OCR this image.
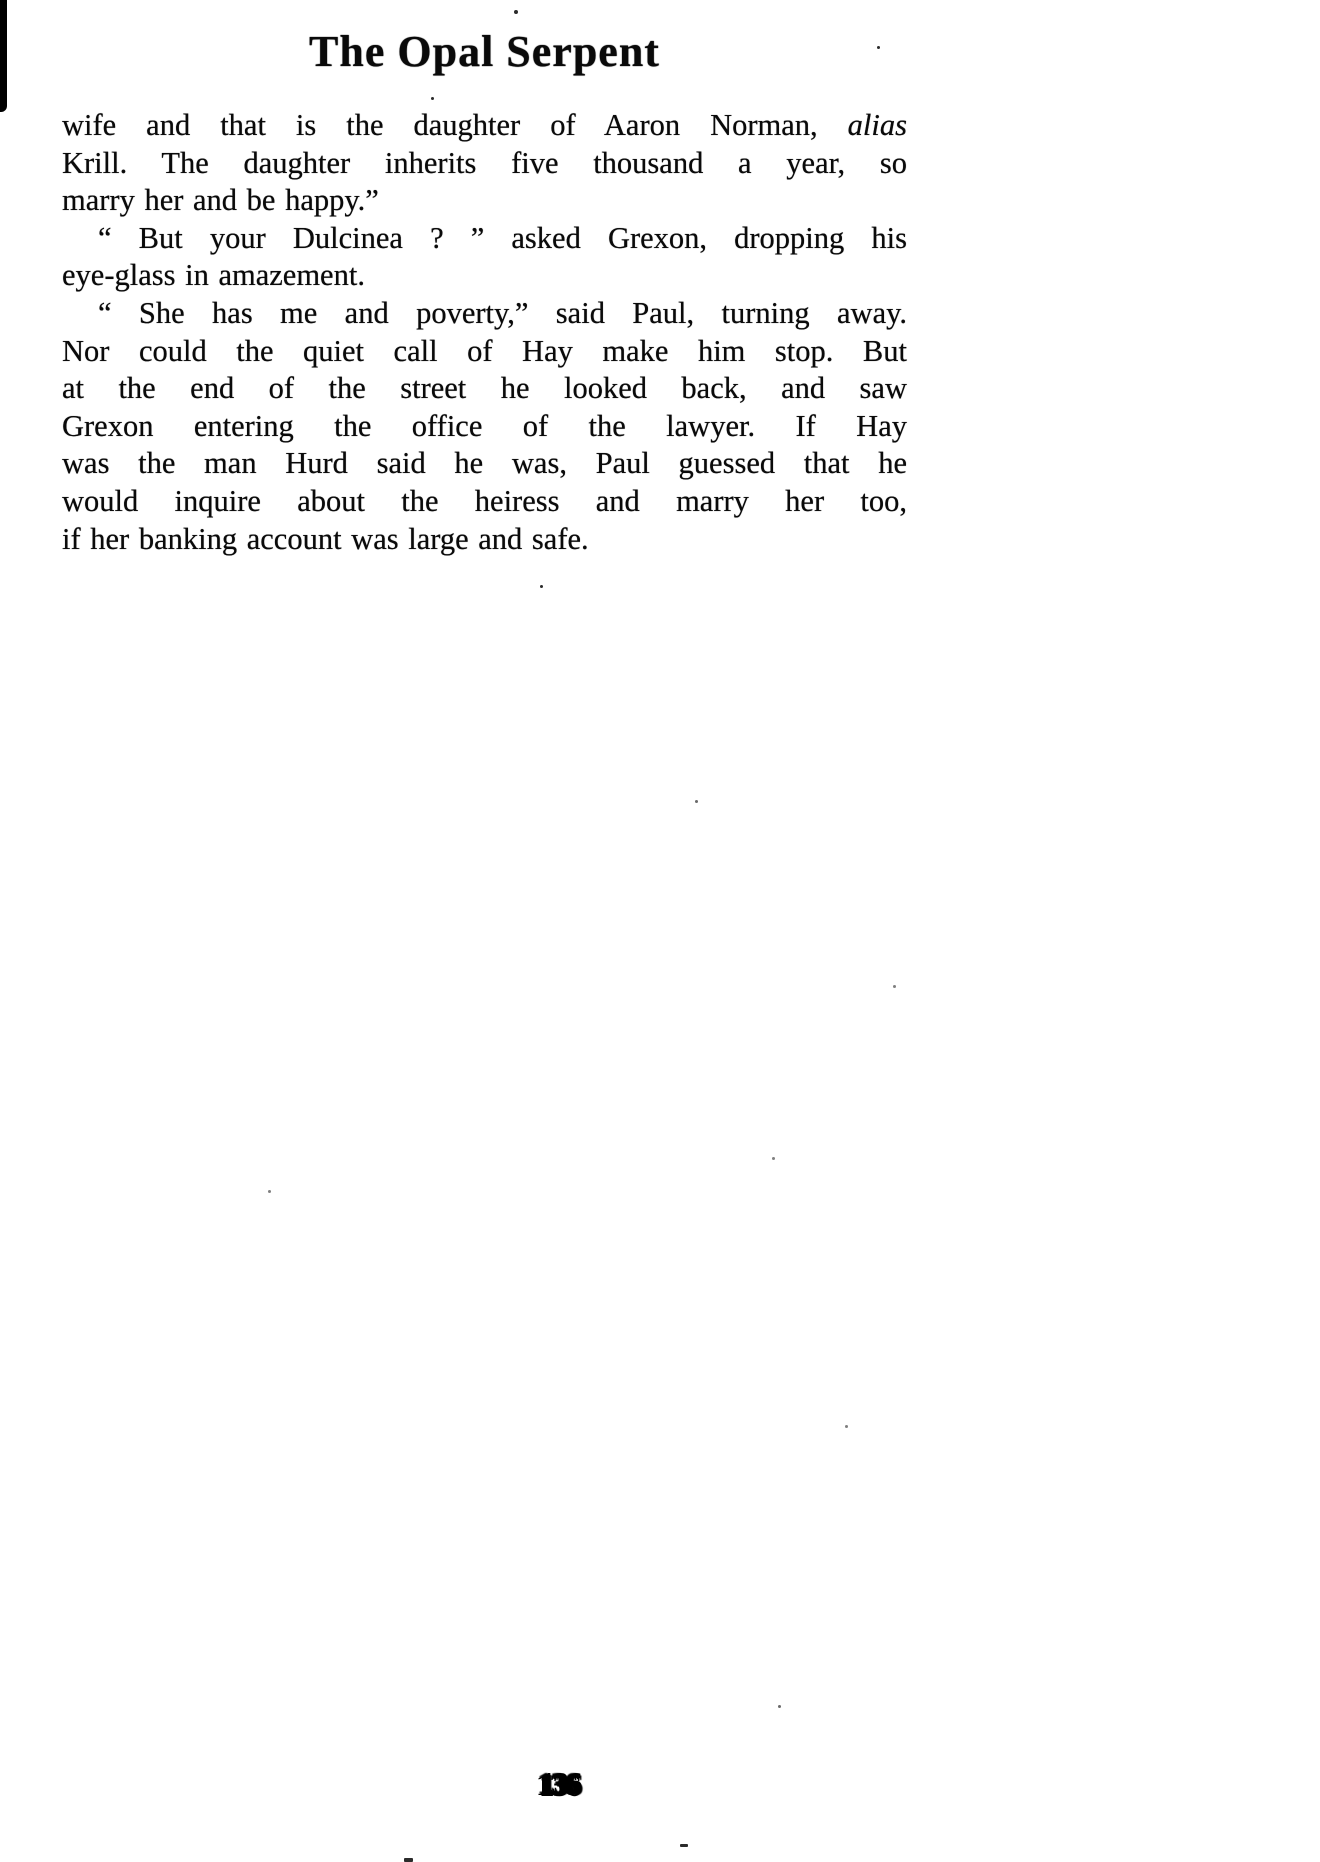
The Opal Serpent
wife and that is the daughter of Aaron Norman, alias
Krill. The daughter inherits five thousand a year, so
marry her and be happy.”
“ But your Dulcinea ? ” asked Grexon, dropping his
eye-glass in amazement.
“ She has me and poverty,” said Paul, turning away.
Nor could the quiet call of Hay make him stop. But
at the end of the street he looked back, and saw
Grexon entering the office of the lawyer. If Hay
was the man Hurd said he was, Paul guessed that he
would inquire about the heiress and marry her too,
if her banking account was large and safe.
136
